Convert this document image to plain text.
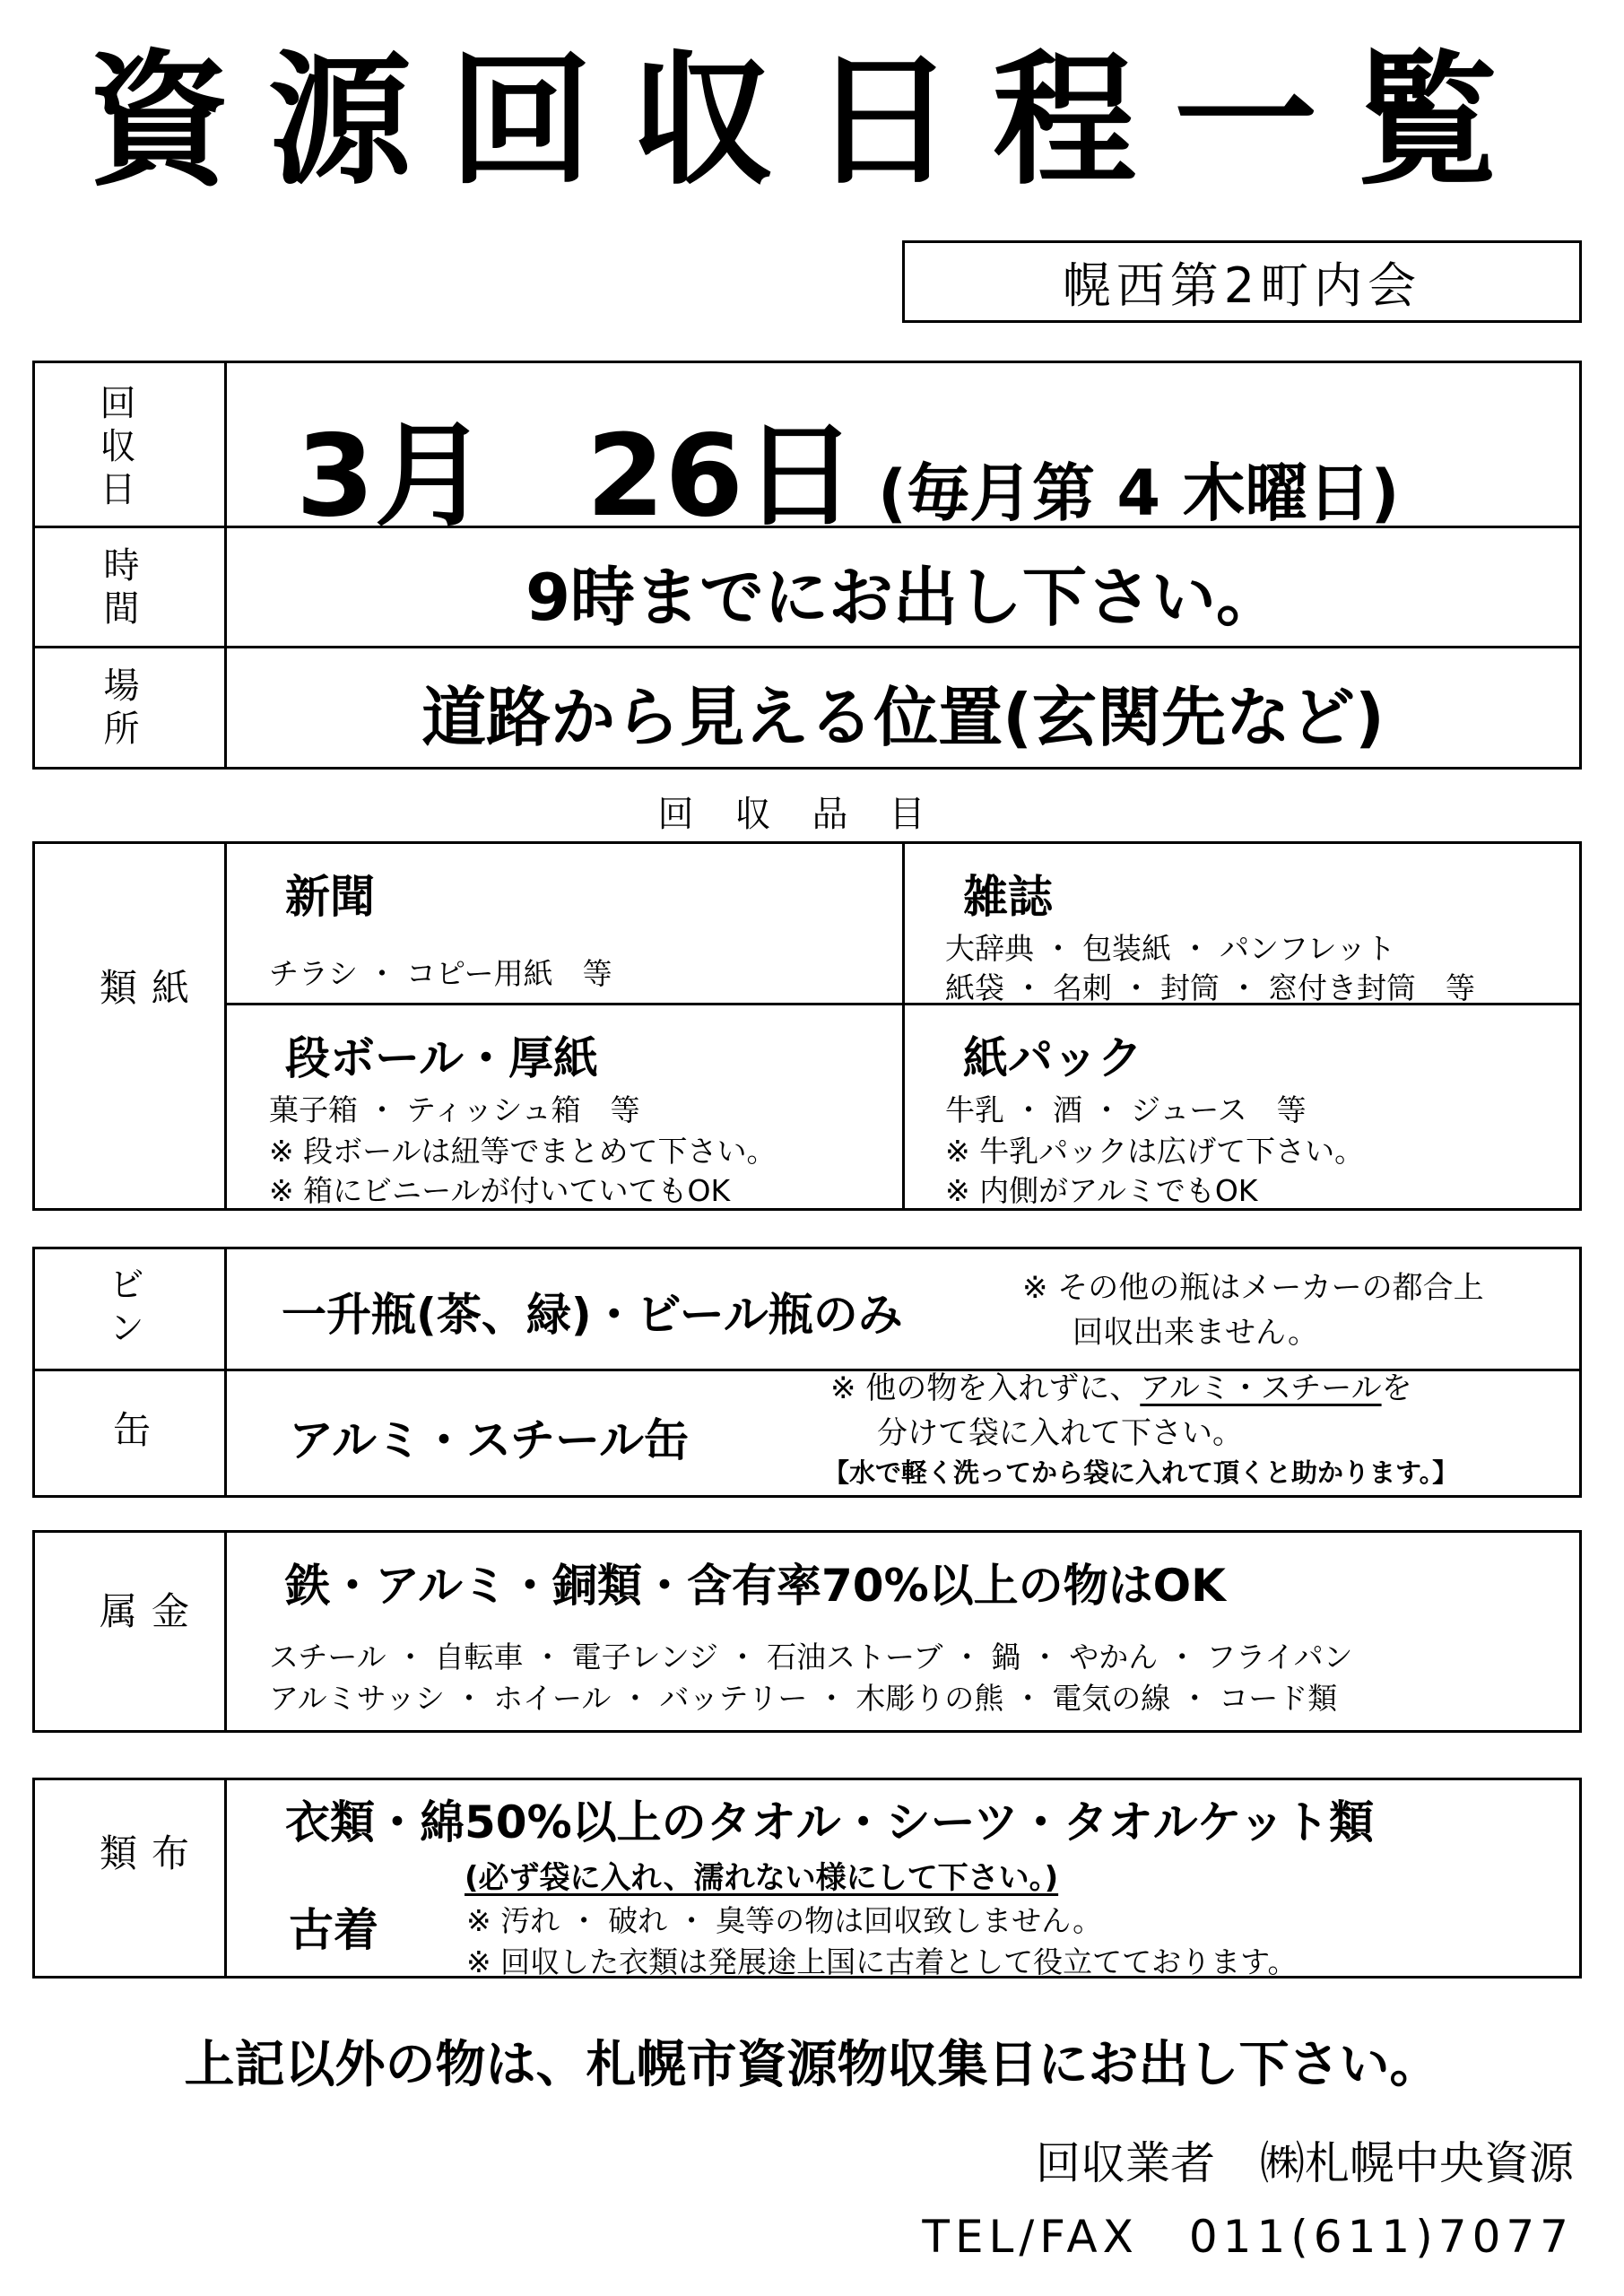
資源回収日程一覧
幌西第2町内会
回収日 3月 26日 (毎月第 4 木曜日)
時間	9時までにお出し下さい。
場所	道路から見える位置(玄関先など)
回収品目
紙類
新聞
チラシ ・ コピー用紙　等
雑誌
大辞典 ・ 包装紙 ・ パンフレット
紙袋 ・ 名刺 ・ 封筒 ・ 窓付き封筒　等
段ボール・厚紙
菓子箱 ・ ティッシュ箱　等
※ 段ボールは紐等でまとめて下さい。
※ 箱にビニールが付いていてもOK
紙パック
牛乳 ・ 酒 ・ ジュース　等
※ 牛乳パックは広げて下さい。
※ 内側がアルミでもOK
ビン	一升瓶(茶、緑)・ビール瓶のみ
※ その他の瓶はメーカーの都合上
回収出来ません。
缶	アルミ・スチール缶
※ 他の物を入れずに、アルミ・スチールを
分けて袋に入れて下さい。
【水で軽く洗ってから袋に入れて頂くと助かります。】
金属
鉄・アルミ・銅類・含有率70%以上の物はOK
スチール ・ 自転車 ・ 電子レンジ ・ 石油ストーブ ・ 鍋 ・ やかん ・ フライパン
アルミサッシ ・ ホイール ・ バッテリー ・ 木彫りの熊 ・ 電気の線 ・ コード類
布類
衣類・綿50%以上のタオル・シーツ・タオルケット類
(必ず袋に入れ、濡れない様にして下さい。)
古着	※ 汚れ ・ 破れ ・ 臭等の物は回収致しません。
※ 回収した衣類は発展途上国に古着として役立てております。
上記以外の物は、札幌市資源物収集日にお出し下さい。
回収業者　㈱札幌中央資源
TEL/FAX　011(611)7077
